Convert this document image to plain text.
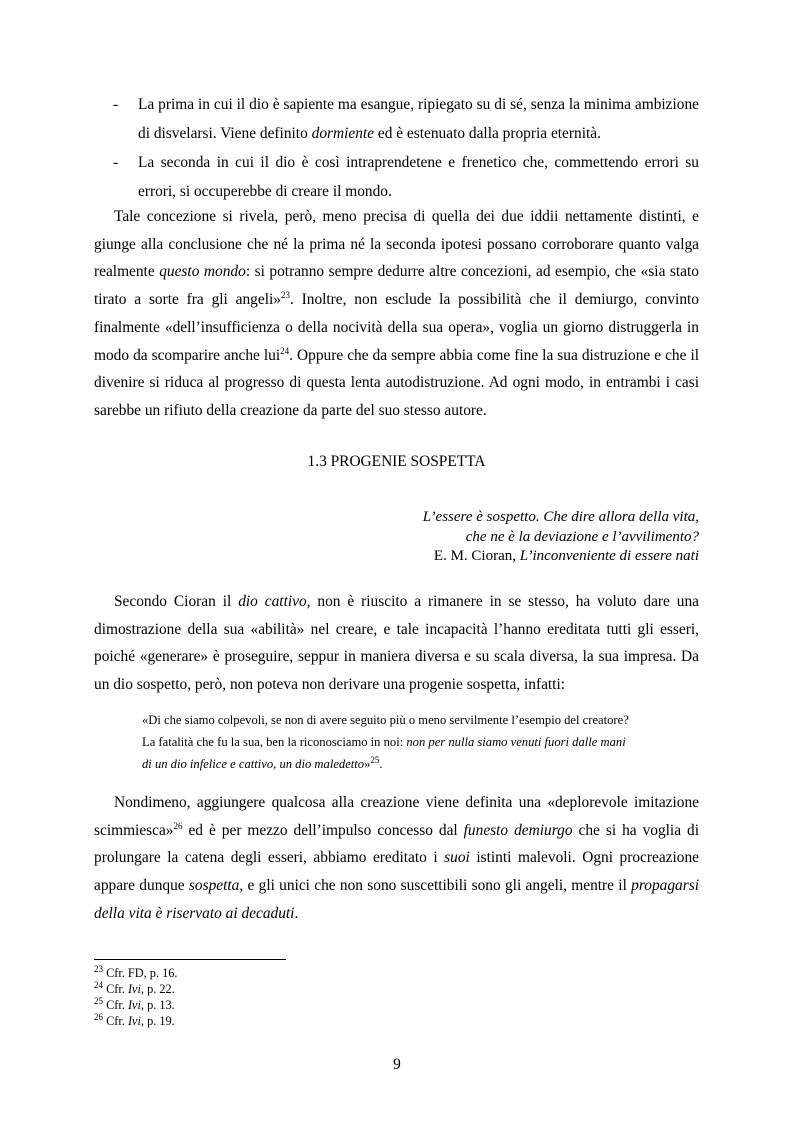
- La prima in cui il dio è sapiente ma esangue, ripiegato su di sé, senza la minima ambizione di disvelarsi. Viene definito dormiente ed è estenuato dalla propria eternità.
- La seconda in cui il dio è così intraprendetene e frenetico che, commettendo errori su errori, si occuperebbe di creare il mondo.

Tale concezione si rivela, però, meno precisa di quella dei due iddii nettamente distinti, e giunge alla conclusione che né la prima né la seconda ipotesi possano corroborare quanto valga realmente questo mondo: si potranno sempre dedurre altre concezioni, ad esempio, che «sia stato tirato a sorte fra gli angeli»$^{23}$. Inoltre, non esclude la possibilità che il demiurgo, convinto finalmente «dell’insufficienza o della nocività della sua opera», voglia un giorno distruggerla in modo da scomparire anche lui$^{24}$. Oppure che da sempre abbia come fine la sua distruzione e che il divenire si riduca al progresso di questa lenta autodistruzione. Ad ogni modo, in entrambi i casi sarebbe un rifiuto della creazione da parte del suo stesso autore.

1.3 PROGENIE SOSPETTA
L’essere è sospetto. Che dire allora della vita,
che ne è la deviazione e l’avvilimento?
E. M. Cioran, L’inconveniente di essere nati

Secondo Cioran il dio cattivo, non è riuscito a rimanere in se stesso, ha voluto dare una dimostrazione della sua «abilità» nel creare, e tale incapacità l’hanno ereditata tutti gli esseri, poiché «generare» è proseguire, seppur in maniera diversa e su scala diversa, la sua impresa. Da un dio sospetto, però, non poteva non derivare una progenie sospetta, infatti:

«Di che siamo colpevoli, se non di avere seguito più o meno servilmente l’esempio del creatore?
La fatalità che fu la sua, ben la riconosciamo in noi: non per nulla siamo venuti fuori dalle mani
di un dio infelice e cattivo, un dio maledetto»$^{25}$.

Nondimeno, aggiungere qualcosa alla creazione viene definita una «deplorevole imitazione scimmiesca»$^{26}$ ed è per mezzo dell’impulso concesso dal funesto demiurgo che si ha voglia di prolungare la catena degli esseri, abbiamo ereditato i suoi istinti malevoli. Ogni procreazione appare dunque sospetta, e gli unici che non sono suscettibili sono gli angeli, mentre il propagarsi della vita è riservato ai decaduti.

$^{23}$ Cfr. FD, p. 16.
$^{24}$ Cfr. Ivi, p. 22.
$^{25}$ Cfr. Ivi, p. 13.
$^{26}$ Cfr. Ivi, p. 19.
9
